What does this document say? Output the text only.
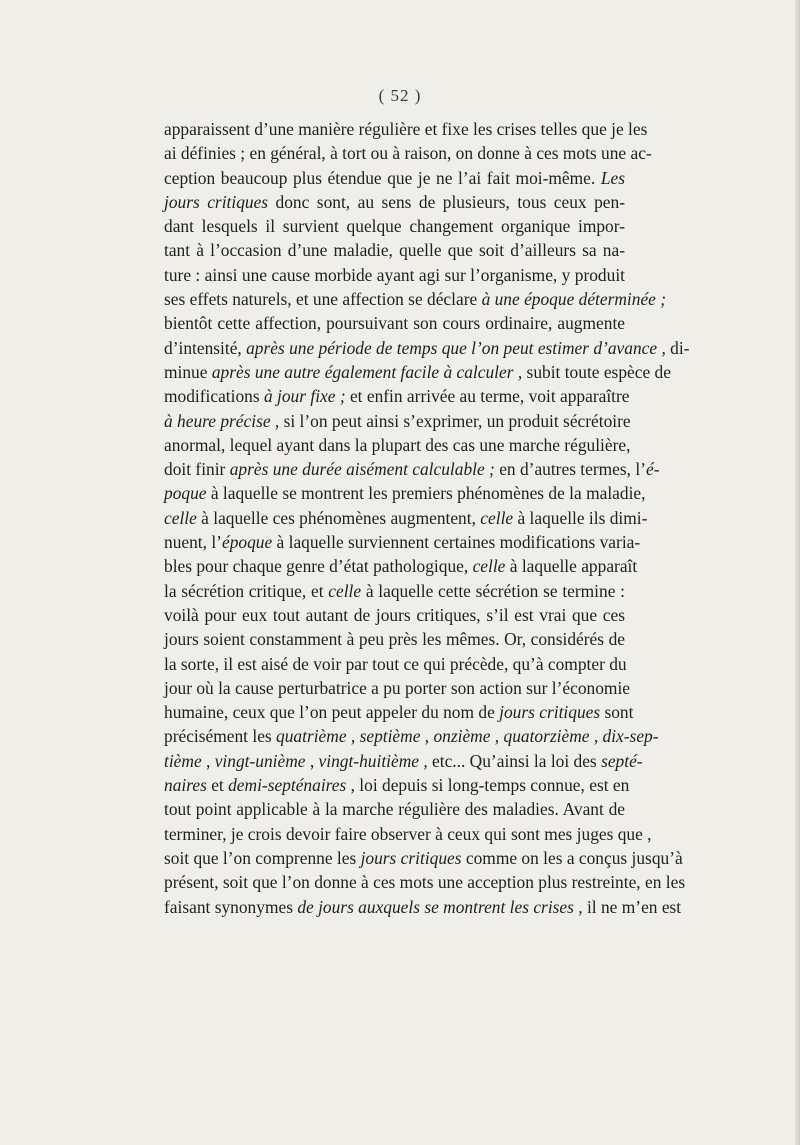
( 52 )
apparaissent d’une manière régulière et fixe les crises telles que je les
ai définies ; en général, à tort ou à raison, on donne à ces mots une ac-
ception beaucoup plus étendue que je ne l’ai fait moi-même. Les
jours critiques donc sont, au sens de plusieurs, tous ceux pen-
dant lesquels il survient quelque changement organique impor-
tant à l’occasion d’une maladie, quelle que soit d’ailleurs sa na-
ture : ainsi une cause morbide ayant agi sur l’organisme, y produit
ses effets naturels, et une affection se déclare à une époque déterminée ;
bientôt cette affection, poursuivant son cours ordinaire, augmente
d’intensité, après une période de temps que l’on peut estimer d’avance , di-
minue après une autre également facile à calculer , subit toute espèce de
modifications à jour fixe ; et enfin arrivée au terme, voit apparaître
à heure précise , si l’on peut ainsi s’exprimer, un produit sécrétoire
anormal, lequel ayant dans la plupart des cas une marche régulière,
doit finir après une durée aisément calculable ; en d’autres termes, l’é-
poque à laquelle se montrent les premiers phénomènes de la maladie,
celle à laquelle ces phénomènes augmentent, celle à laquelle ils dimi-
nuent, l’époque à laquelle surviennent certaines modifications varia-
bles pour chaque genre d’état pathologique, celle à laquelle apparaît
la sécrétion critique, et celle à laquelle cette sécrétion se termine :
voilà pour eux tout autant de jours critiques, s’il est vrai que ces
jours soient constamment à peu près les mêmes. Or, considérés de
la sorte, il est aisé de voir par tout ce qui précède, qu’à compter du
jour où la cause perturbatrice a pu porter son action sur l’économie
humaine, ceux que l’on peut appeler du nom de jours critiques sont
précisément les quatrième , septième , onzième , quatorzième , dix-sep-
tième , vingt-unième , vingt-huitième , etc... Qu’ainsi la loi des septé-
naires et demi-septénaires , loi depuis si long-temps connue, est en
tout point applicable à la marche régulière des maladies. Avant de
terminer, je crois devoir faire observer à ceux qui sont mes juges que ,
soit que l’on comprenne les jours critiques comme on les a conçus jusqu’à
présent, soit que l’on donne à ces mots une acception plus restreinte, en les
faisant synonymes de jours auxquels se montrent les crises , il ne m’en est
